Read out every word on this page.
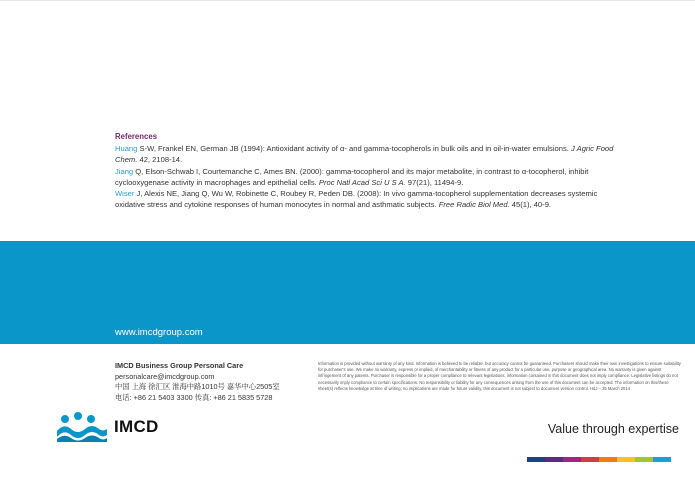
References
Huang S-W, Frankel EN, German JB (1994): Antioxidant activity of α- and gamma-tocopherols in bulk oils and in oil-in-water emulsions. J Agric Food Chem. 42, 2108-14.
Jiang Q, Elson-Schwab I, Courtemanche C, Ames BN. (2000): gamma-tocopherol and its major metabolite, in contrast to α-tocopherol, inhibit cyclooxygenase activity in macrophages and epithelial cells. Proc Natl Acad Sci U S A. 97(21), 11494-9.
Wiser J, Alexis NE, Jiang Q, Wu W, Robinette C, Roubey R, Peden DB. (2008): In vivo gamma-tocopherol supplementation decreases systemic oxidative stress and cytokine responses of human monocytes in normal and asthmatic subjects. Free Radic Biol Med. 45(1), 40-9.
www.imcdgroup.com
IMCD Business Group Personal Care
personalcare@imcdgroup.com
中国 上海 徐汇区 淮海中路1010号 嘉华中心2505室
电话: +86 21 5403 3300 传真: +86 21 5835 5728
Information is provided without warranty of any kind. Information is believed to be reliable, but accuracy cannot be guaranteed. Purchasers should make their own investigations to ensure suitability for purchaser's use. We make no warranty, express or implied, of merchantability or fitness of any product for a particular use, purpose or geographical area. No warranty is given against infringement of any patents. Purchaser is responsible for a proper compliance to relevant legislations, information contained in this document does not imply compliance. Legislative listings do not necessarily imply compliance to certain specifications. No responsibility or liability for any consequences arising from the use of this document can be accepted. The information on this/these sheet(s) reflects knowledge at time of writing; no implications are made for future validity, this document is not subject to document version control. HdJ – 25 March 2014
IMCD	Value through expertise
